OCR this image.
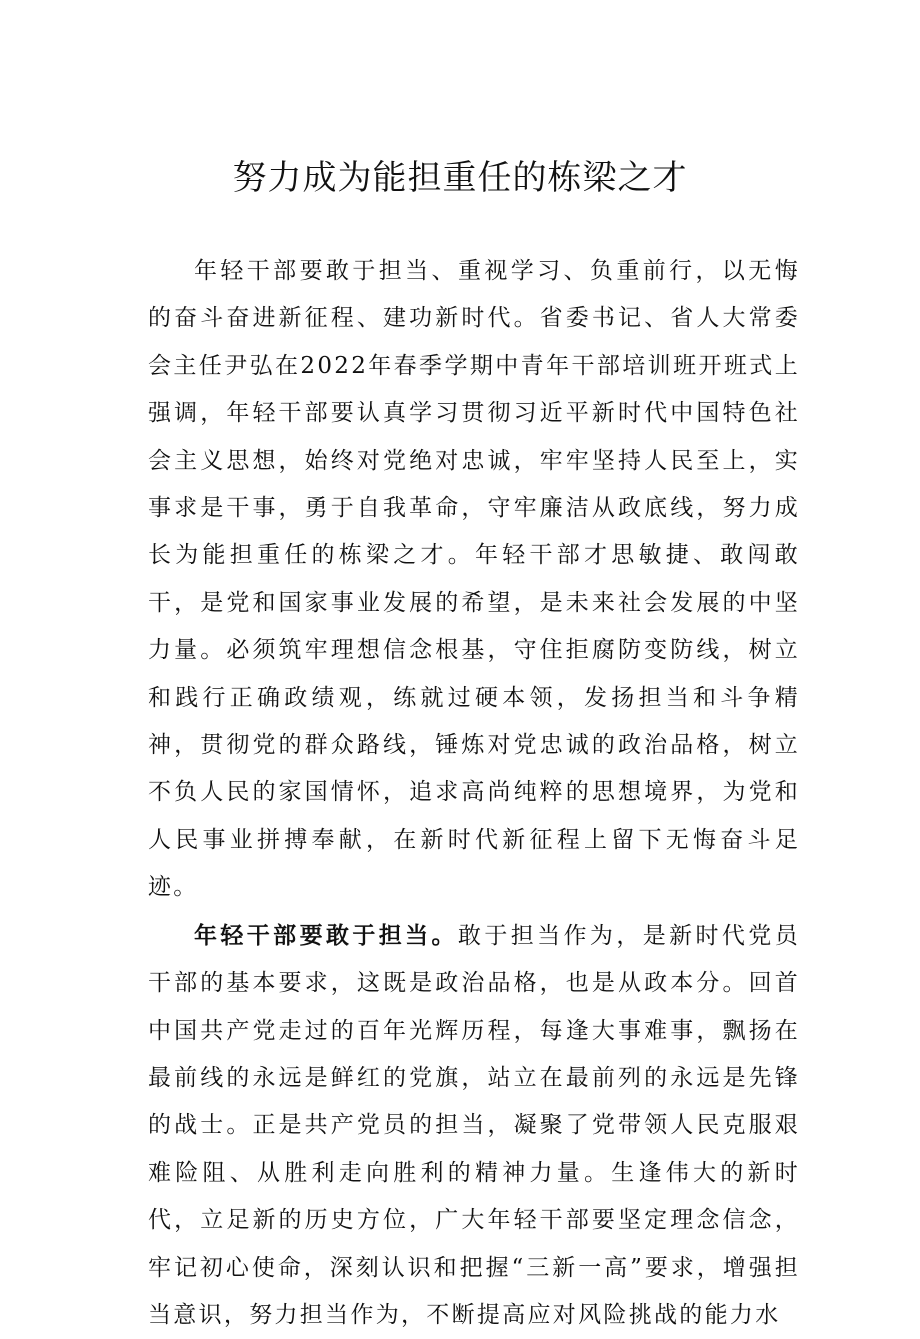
努力成为能担重任的栋梁之才

年轻干部要敢于担当、重视学习、负重前行，以无悔的奋斗奋进新征程、建功新时代。省委书记、省人大常委会主任尹弘在2022年春季学期中青年干部培训班开班式上强调，年轻干部要认真学习贯彻习近平新时代中国特色社会主义思想，始终对党绝对忠诚，牢牢坚持人民至上，实事求是干事，勇于自我革命，守牢廉洁从政底线，努力成长为能担重任的栋梁之才。年轻干部才思敏捷、敢闯敢干，是党和国家事业发展的希望，是未来社会发展的中坚力量。必须筑牢理想信念根基，守住拒腐防变防线，树立和践行正确政绩观，练就过硬本领，发扬担当和斗争精神，贯彻党的群众路线，锤炼对党忠诚的政治品格，树立不负人民的家国情怀，追求高尚纯粹的思想境界，为党和人民事业拼搏奉献，在新时代新征程上留下无悔奋斗足迹。

年轻干部要敢于担当。敢于担当作为，是新时代党员干部的基本要求，这既是政治品格，也是从政本分。回首中国共产党走过的百年光辉历程，每逢大事难事，飘扬在最前线的永远是鲜红的党旗，站立在最前列的永远是先锋的战士。正是共产党员的担当，凝聚了党带领人民克服艰难险阻、从胜利走向胜利的精神力量。生逢伟大的新时代，立足新的历史方位，广大年轻干部要坚定理念信念，牢记初心使命，深刻认识和把握“三新一高”要求，增强担当意识，努力担当作为，不断提高应对风险挑战的能力水
